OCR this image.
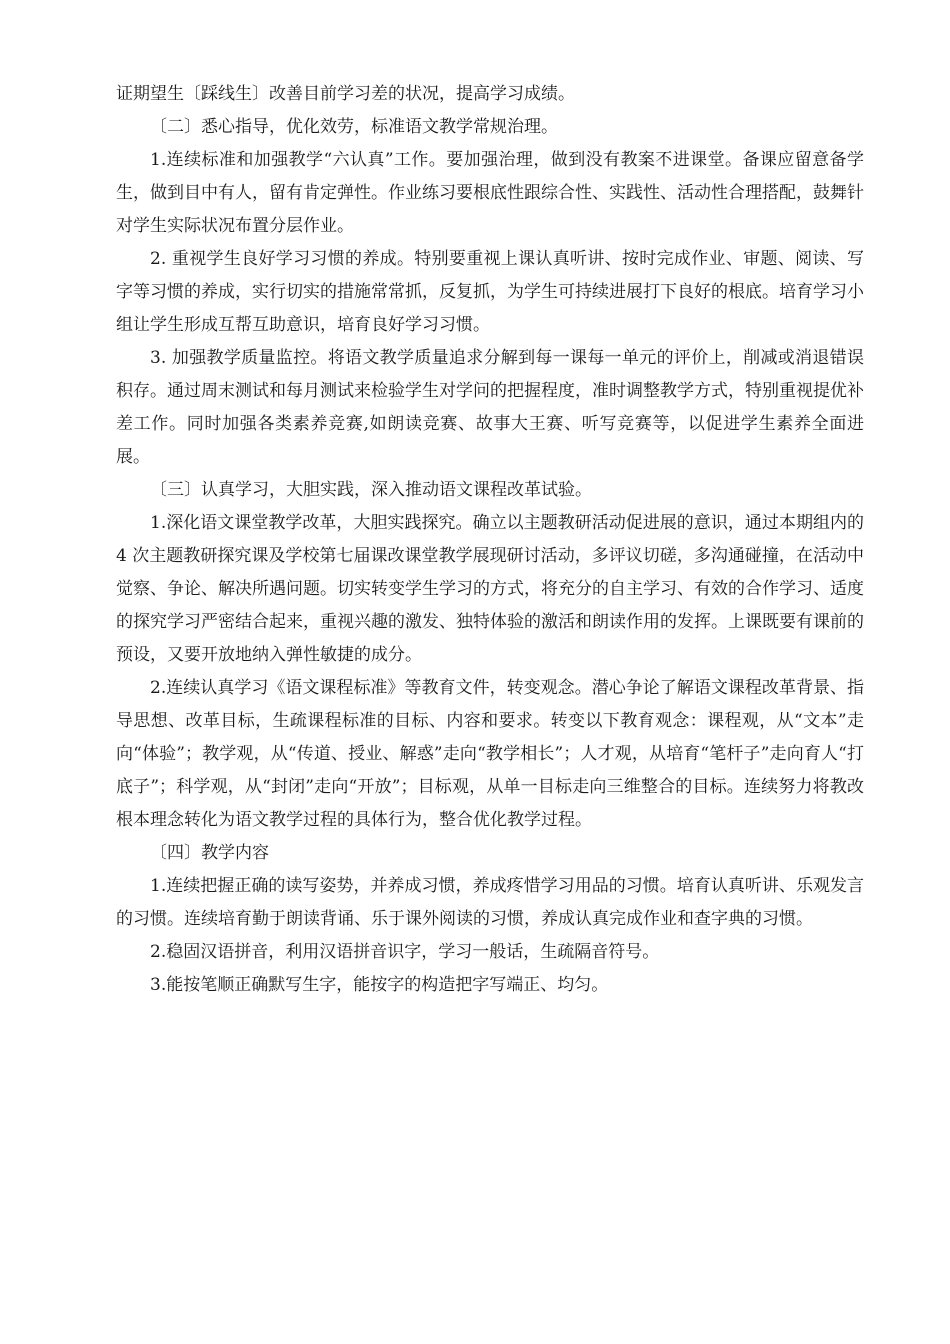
证期望生〔踩线生〕改善目前学习差的状况，提高学习成绩。

〔二〕悉心指导，优化效劳，标准语文教学常规治理。

1.连续标准和加强教学“六认真”工作。要加强治理，做到没有教案不进课堂。备课应留意备学生，做到目中有人，留有肯定弹性。作业练习要根底性跟综合性、实践性、活动性合理搭配，鼓舞针对学生实际状况布置分层作业。

2. 重视学生良好学习习惯的养成。特别要重视上课认真听讲、按时完成作业、审题、阅读、写字等习惯的养成，实行切实的措施常常抓，反复抓，为学生可持续进展打下良好的根底。培育学习小组让学生形成互帮互助意识，培育良好学习习惯。

3. 加强教学质量监控。将语文教学质量追求分解到每一课每一单元的评价上，削减或消退错误积存。通过周末测试和每月测试来检验学生对学问的把握程度，准时调整教学方式，特别重视提优补差工作。同时加强各类素养竞赛,如朗读竞赛、故事大王赛、听写竞赛等，以促进学生素养全面进展。

〔三〕认真学习，大胆实践，深入推动语文课程改革试验。

1.深化语文课堂教学改革，大胆实践探究。确立以主题教研活动促进展的意识，通过本期组内的 4 次主题教研探究课及学校第七届课改课堂教学展现研讨活动，多评议切磋，多沟通碰撞，在活动中觉察、争论、解决所遇问题。切实转变学生学习的方式，将充分的自主学习、有效的合作学习、适度的探究学习严密结合起来，重视兴趣的激发、独特体验的激活和朗读作用的发挥。上课既要有课前的预设，又要开放地纳入弹性敏捷的成分。

2.连续认真学习《语文课程标准》等教育文件，转变观念。潜心争论了解语文课程改革背景、指导思想、改革目标，生疏课程标准的目标、内容和要求。转变以下教育观念：课程观，从“文本”走向“体验”；教学观，从“传道、授业、解惑”走向“教学相长”；人才观，从培育“笔杆子”走向育人“打底子”；科学观，从“封闭”走向“开放”；目标观，从单一目标走向三维整合的目标。连续努力将教改根本理念转化为语文教学过程的具体行为，整合优化教学过程。

〔四〕教学内容

1.连续把握正确的读写姿势，并养成习惯，养成疼惜学习用品的习惯。培育认真听讲、乐观发言的习惯。连续培育勤于朗读背诵、乐于课外阅读的习惯，养成认真完成作业和查字典的习惯。

2.稳固汉语拼音，利用汉语拼音识字，学习一般话，生疏隔音符号。

3.能按笔顺正确默写生字，能按字的构造把字写端正、均匀。
